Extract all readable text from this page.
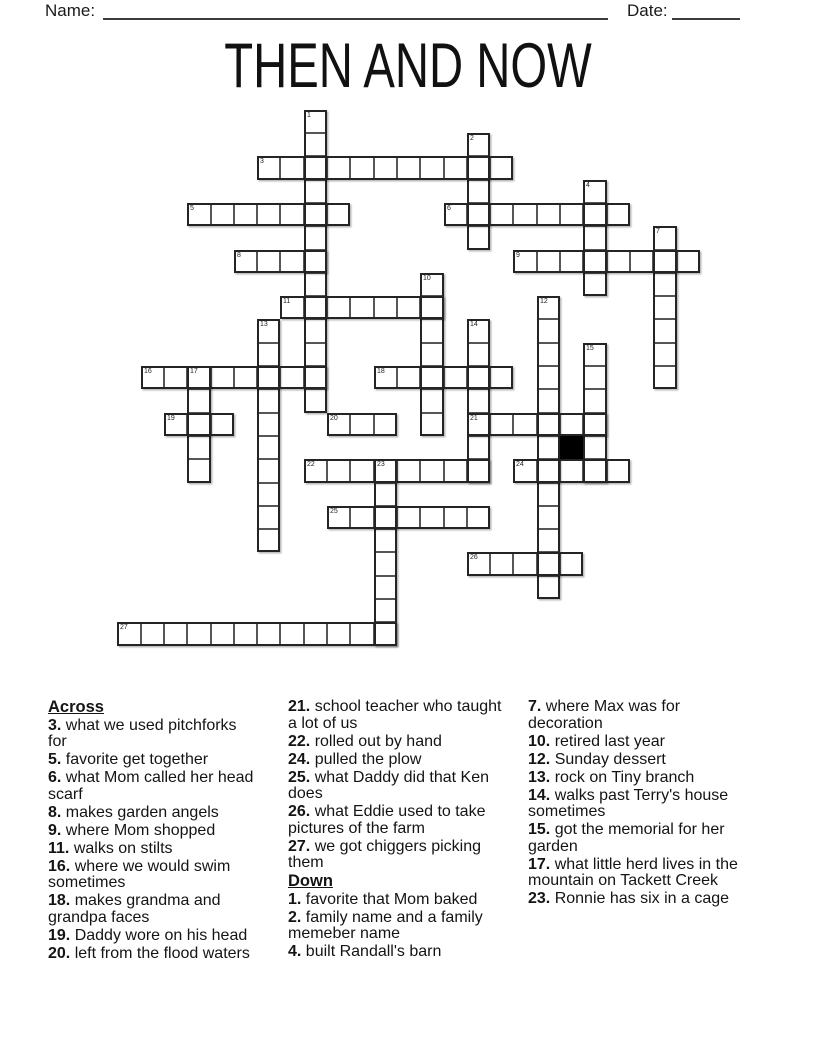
Name:	Date:
THEN AND NOW
1
2
3
4
5	6
7
8	9
10
11	12
13	14
21
15
16	17	18
19	20
22	23	24
25
26
27
Across

3. what we used pitchforks for

5. favorite get together

6. what Mom called her head scarf

8. makes garden angels

9. where Mom shopped

11. walks on stilts

16. where we would swim sometimes

18. makes grandma and grandpa faces

19. Daddy wore on his head

20. left from the flood waters

21. school teacher who taught a lot of us

22. rolled out by hand

24. pulled the plow

25. what Daddy did that Ken does

26. what Eddie used to take pictures of the farm

27. we got chiggers picking them

Down

1. favorite that Mom baked

2. family name and a family memeber name

4. built Randall's barn

7. where Max was for decoration

10. retired last year

12. Sunday dessert

13. rock on Tiny branch

14. walks past Terry's house sometimes

15. got the memorial for her garden

17. what little herd lives in the mountain on Tackett Creek

23. Ronnie has six in a cage
